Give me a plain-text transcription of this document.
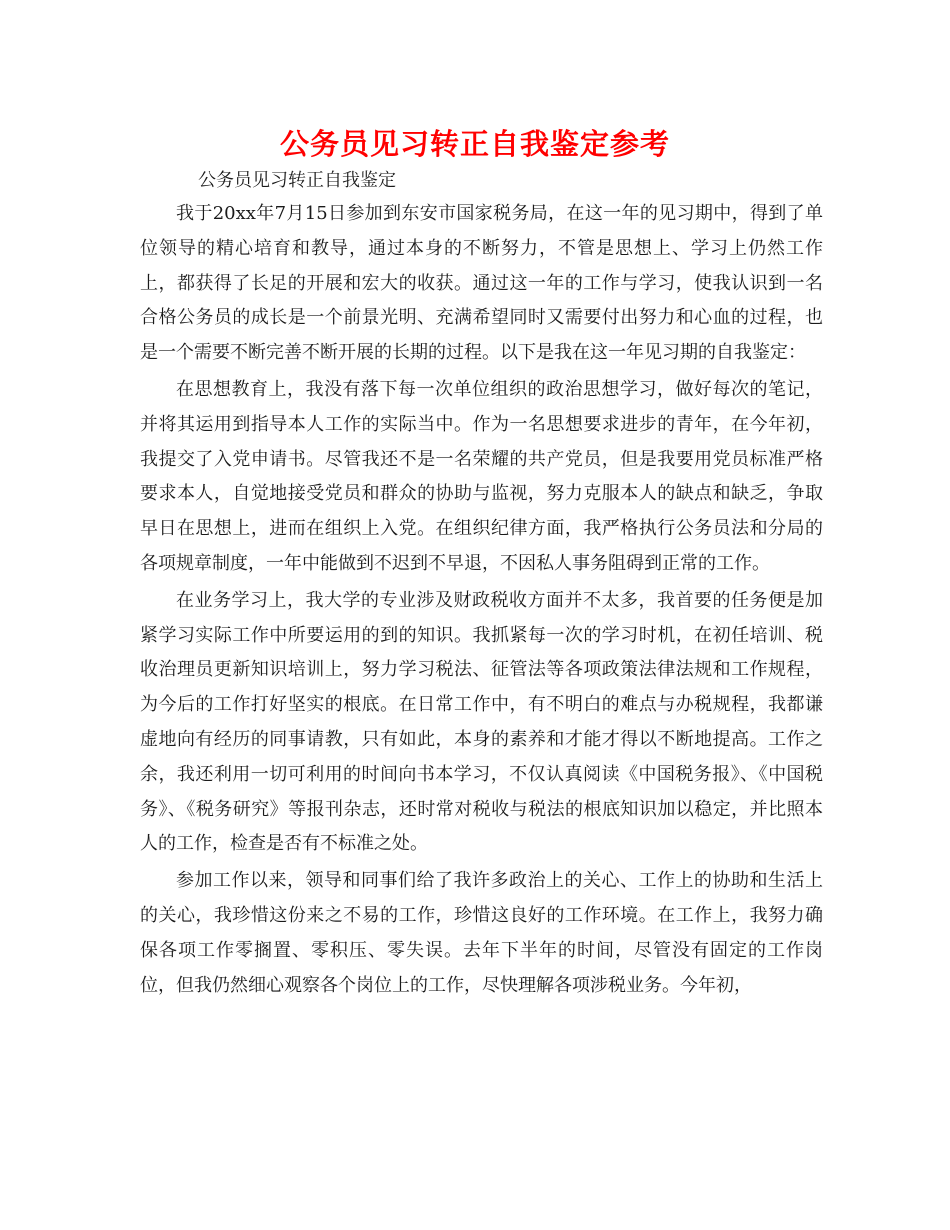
公务员见习转正自我鉴定参考

公务员见习转正自我鉴定

我于20xx年7月15日参加到东安市国家税务局，在这一年的见习期中，得到了单位领导的精心培育和教导，通过本身的不断努力，不管是思想上、学习上仍然工作上，都获得了长足的开展和宏大的收获。通过这一年的工作与学习，使我认识到一名合格公务员的成长是一个前景光明、充满希望同时又需要付出努力和心血的过程，也是一个需要不断完善不断开展的长期的过程。以下是我在这一年见习期的自我鉴定：

在思想教育上，我没有落下每一次单位组织的政治思想学习，做好每次的笔记，并将其运用到指导本人工作的实际当中。作为一名思想要求进步的青年，在今年初，我提交了入党申请书。尽管我还不是一名荣耀的共产党员，但是我要用党员标准严格要求本人，自觉地接受党员和群众的协助与监视，努力克服本人的缺点和缺乏，争取早日在思想上，进而在组织上入党。在组织纪律方面，我严格执行公务员法和分局的各项规章制度，一年中能做到不迟到不早退，不因私人事务阻碍到正常的工作。

在业务学习上，我大学的专业涉及财政税收方面并不太多，我首要的任务便是加紧学习实际工作中所要运用的到的知识。我抓紧每一次的学习时机，在初任培训、税收治理员更新知识培训上，努力学习税法、征管法等各项政策法律法规和工作规程，为今后的工作打好坚实的根底。在日常工作中，有不明白的难点与办税规程，我都谦虚地向有经历的同事请教，只有如此，本身的素养和才能才得以不断地提高。工作之余，我还利用一切可利用的时间向书本学习，不仅认真阅读《中国税务报》、《中国税务》、《税务研究》等报刊杂志，还时常对税收与税法的根底知识加以稳定，并比照本人的工作，检查是否有不标准之处。

参加工作以来，领导和同事们给了我许多政治上的关心、工作上的协助和生活上的关心，我珍惜这份来之不易的工作，珍惜这良好的工作环境。在工作上，我努力确保各项工作零搁置、零积压、零失误。去年下半年的时间，尽管没有固定的工作岗位，但我仍然细心观察各个岗位上的工作，尽快理解各项涉税业务。今年初，
